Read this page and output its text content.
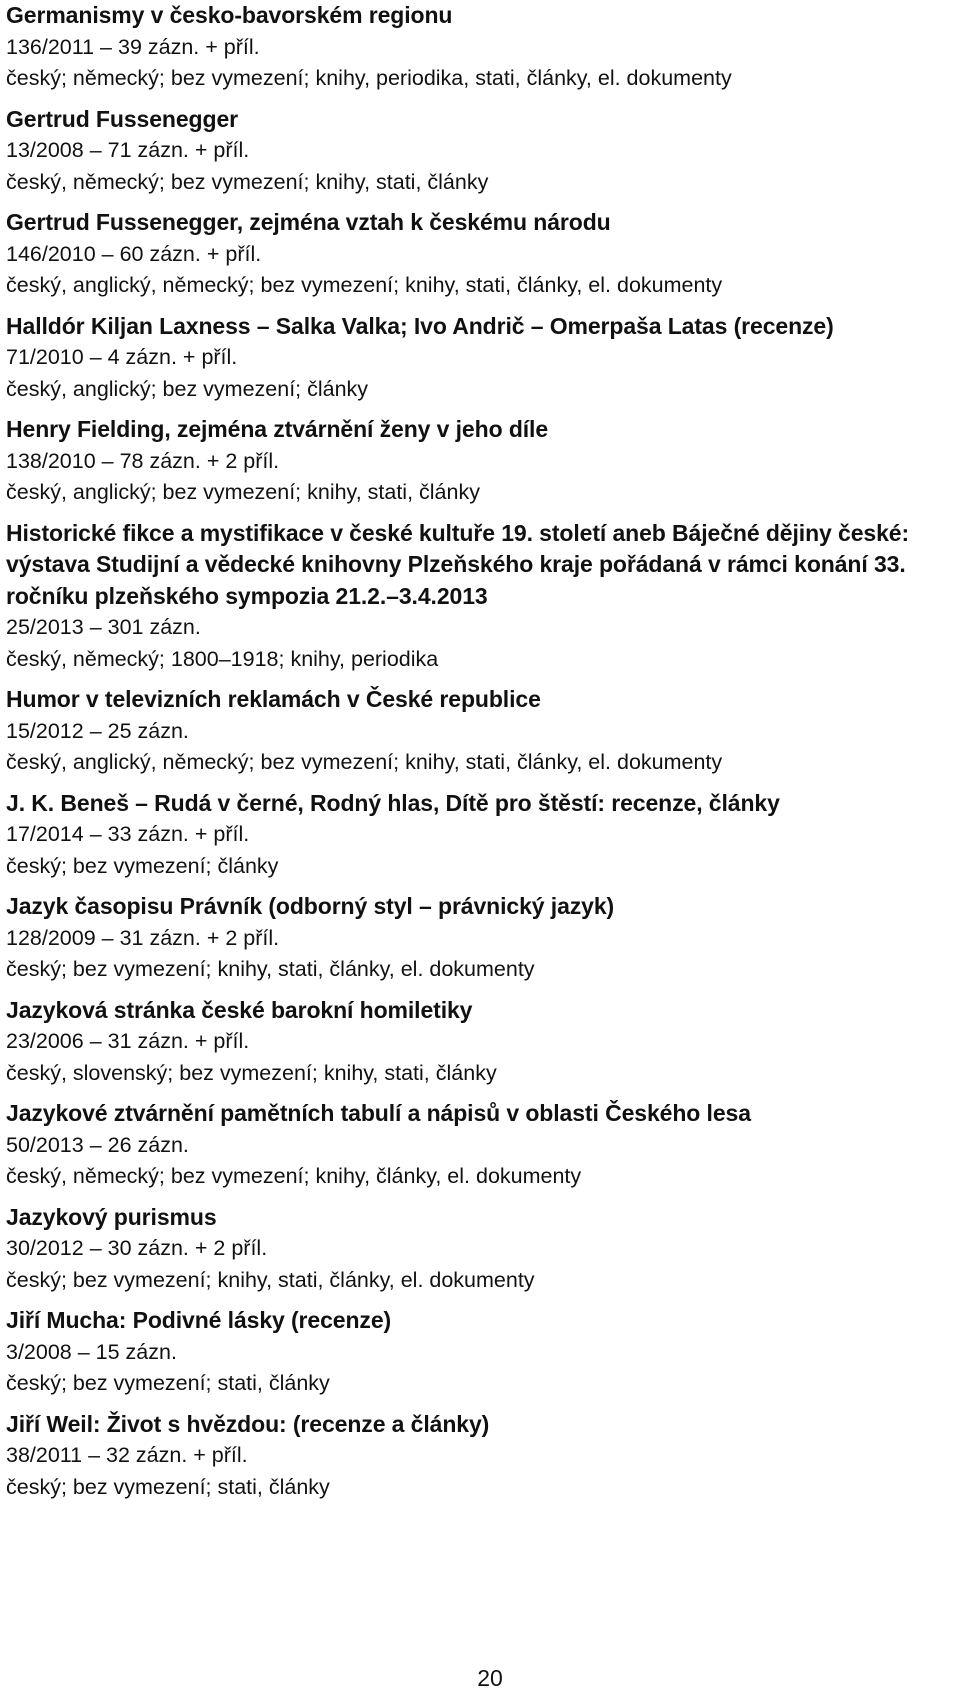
Germanismy v česko-bavorském regionu

136/2011 – 39 zázn. + příl.

český; německý; bez vymezení; knihy, periodika, stati, články, el. dokumenty

Gertrud Fussenegger

13/2008 – 71 zázn. + příl.

český, německý; bez vymezení; knihy, stati, články

Gertrud Fussenegger, zejména vztah k českému národu

146/2010 – 60 zázn. + příl.

český, anglický, německý; bez vymezení; knihy, stati, články, el. dokumenty

Halldór Kiljan Laxness – Salka Valka; Ivo Andrič – Omerpaša Latas (recenze)

71/2010 – 4 zázn. + příl.

český, anglický; bez vymezení; články

Henry Fielding, zejména ztvárnění ženy v jeho díle

138/2010 – 78 zázn. + 2 příl.

český, anglický; bez vymezení; knihy, stati, články

Historické fikce a mystifikace v české kultuře 19. století aneb Báječné dějiny české: výstava Studijní a vědecké knihovny Plzeňského kraje pořádaná v rámci konání 33. ročníku plzeňského sympozia 21.2.–3.4.2013

25/2013 – 301 zázn.

český, německý; 1800–1918; knihy, periodika

Humor v televizních reklamách v České republice

15/2012 – 25 zázn.

český, anglický, německý; bez vymezení; knihy, stati, články, el. dokumenty

J. K. Beneš – Rudá v černé, Rodný hlas, Dítě pro štěstí: recenze, články

17/2014 – 33 zázn. + příl.

český; bez vymezení; články

Jazyk časopisu Právník (odborný styl – právnický jazyk)

128/2009 – 31 zázn. + 2 příl.

český; bez vymezení; knihy, stati, články, el. dokumenty

Jazyková stránka české barokní homiletiky

23/2006 – 31 zázn. + příl.

český, slovenský; bez vymezení; knihy, stati, články

Jazykové ztvárnění pamětních tabulí a nápisů v oblasti Českého lesa

50/2013 – 26 zázn.

český, německý; bez vymezení; knihy, články, el. dokumenty

Jazykový purismus

30/2012 – 30 zázn. + 2 příl.

český; bez vymezení; knihy, stati, články, el. dokumenty

Jiří Mucha: Podivné lásky (recenze)

3/2008 – 15 zázn.

český; bez vymezení; stati, články

Jiří Weil: Život s hvězdou: (recenze a články)

38/2011 – 32 zázn. + příl.

český; bez vymezení; stati, články

20
